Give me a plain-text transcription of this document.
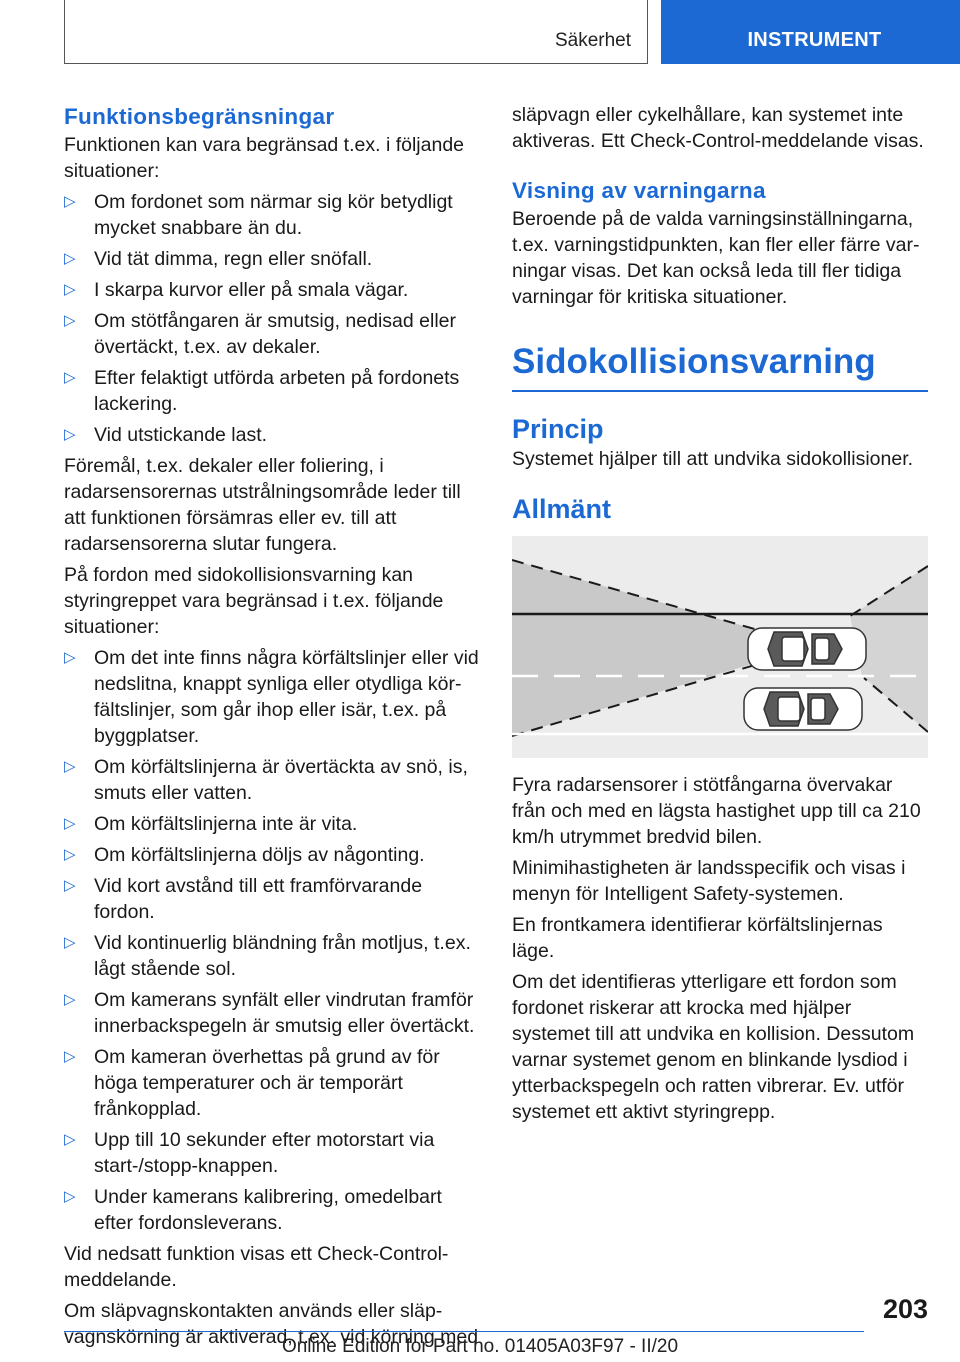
Säkerhet	INSTRUMENT
Funktionsbegränsningar
Funktionen kan vara begränsad t.ex. i följande situationer:
▷ Om fordonet som närmar sig kör betydligt mycket snabbare än du.
▷ Vid tät dimma, regn eller snöfall.
▷ I skarpa kurvor eller på smala vägar.
▷ Om stötfångaren är smutsig, nedisad eller övertäckt, t.ex. av dekaler.
▷ Efter felaktigt utförda arbeten på fordonets lackering.
▷ Vid utstickande last.
Föremål, t.ex. dekaler eller foliering, i radarsensorernas utstrålningsområde leder till att funktionen försämras eller ev. till att radarsensorerna slutar fungera.
På fordon med sidokollisionsvarning kan styringreppet vara begränsad i t.ex. följande situationer:
▷ Om det inte finns några körfältslinjer eller vid nedslitna, knappt synliga eller otydliga körfältslinjer, som går ihop eller isär, t.ex. på byggplatser.
▷ Om körfältslinjerna är övertäckta av snö, is, smuts eller vatten.
▷ Om körfältslinjerna inte är vita.
▷ Om körfältslinjerna döljs av någonting.
▷ Vid kort avstånd till ett framförvarande fordon.
▷ Vid kontinuerlig bländning från motljus, t.ex. lågt stående sol.
▷ Om kamerans synfält eller vindrutan framför innerbackspegeln är smutsig eller övertäckt.
▷ Om kameran överhettas på grund av för höga temperaturer och är temporärt frånkopplad.
▷ Upp till 10 sekunder efter motorstart via start-/stopp-knappen.
▷ Under kamerans kalibrering, omedelbart efter fordonsleverans.
Vid nedsatt funktion visas ett Check-Control-meddelande.
Om släpvagnskontakten används eller släpvagnskörning är aktiverad, t.ex. vid körning med
släpvagn eller cykelhållare, kan systemet inte aktiveras. Ett Check-Control-meddelande visas.
Visning av varningarna
Beroende på de valda varningsinställningarna, t.ex. varningstidpunkten, kan fler eller färre varningar visas. Det kan också leda till fler tidiga varningar för kritiska situationer.
Sidokollisionsvarning
Princip
Systemet hjälper till att undvika sidokollisioner.
Allmänt
Fyra radarsensorer i stötfångarna övervakar från och med en lägsta hastighet upp till ca 210 km/h utrymmet bredvid bilen.
Minimihastigheten är landsspecifik och visas i menyn för Intelligent Safety-systemen.
En frontkamera identifierar körfältslinjernas läge.
Om det identifieras ytterligare ett fordon som fordonet riskerar att krocka med hjälper systemet till att undvika en kollision. Dessutom varnar systemet genom en blinkande lysdiod i ytterbackspegeln och ratten vibrerar. Ev. utför systemet ett aktivt styringrepp.
203
Online Edition for Part no. 01405A03F97 - II/20
